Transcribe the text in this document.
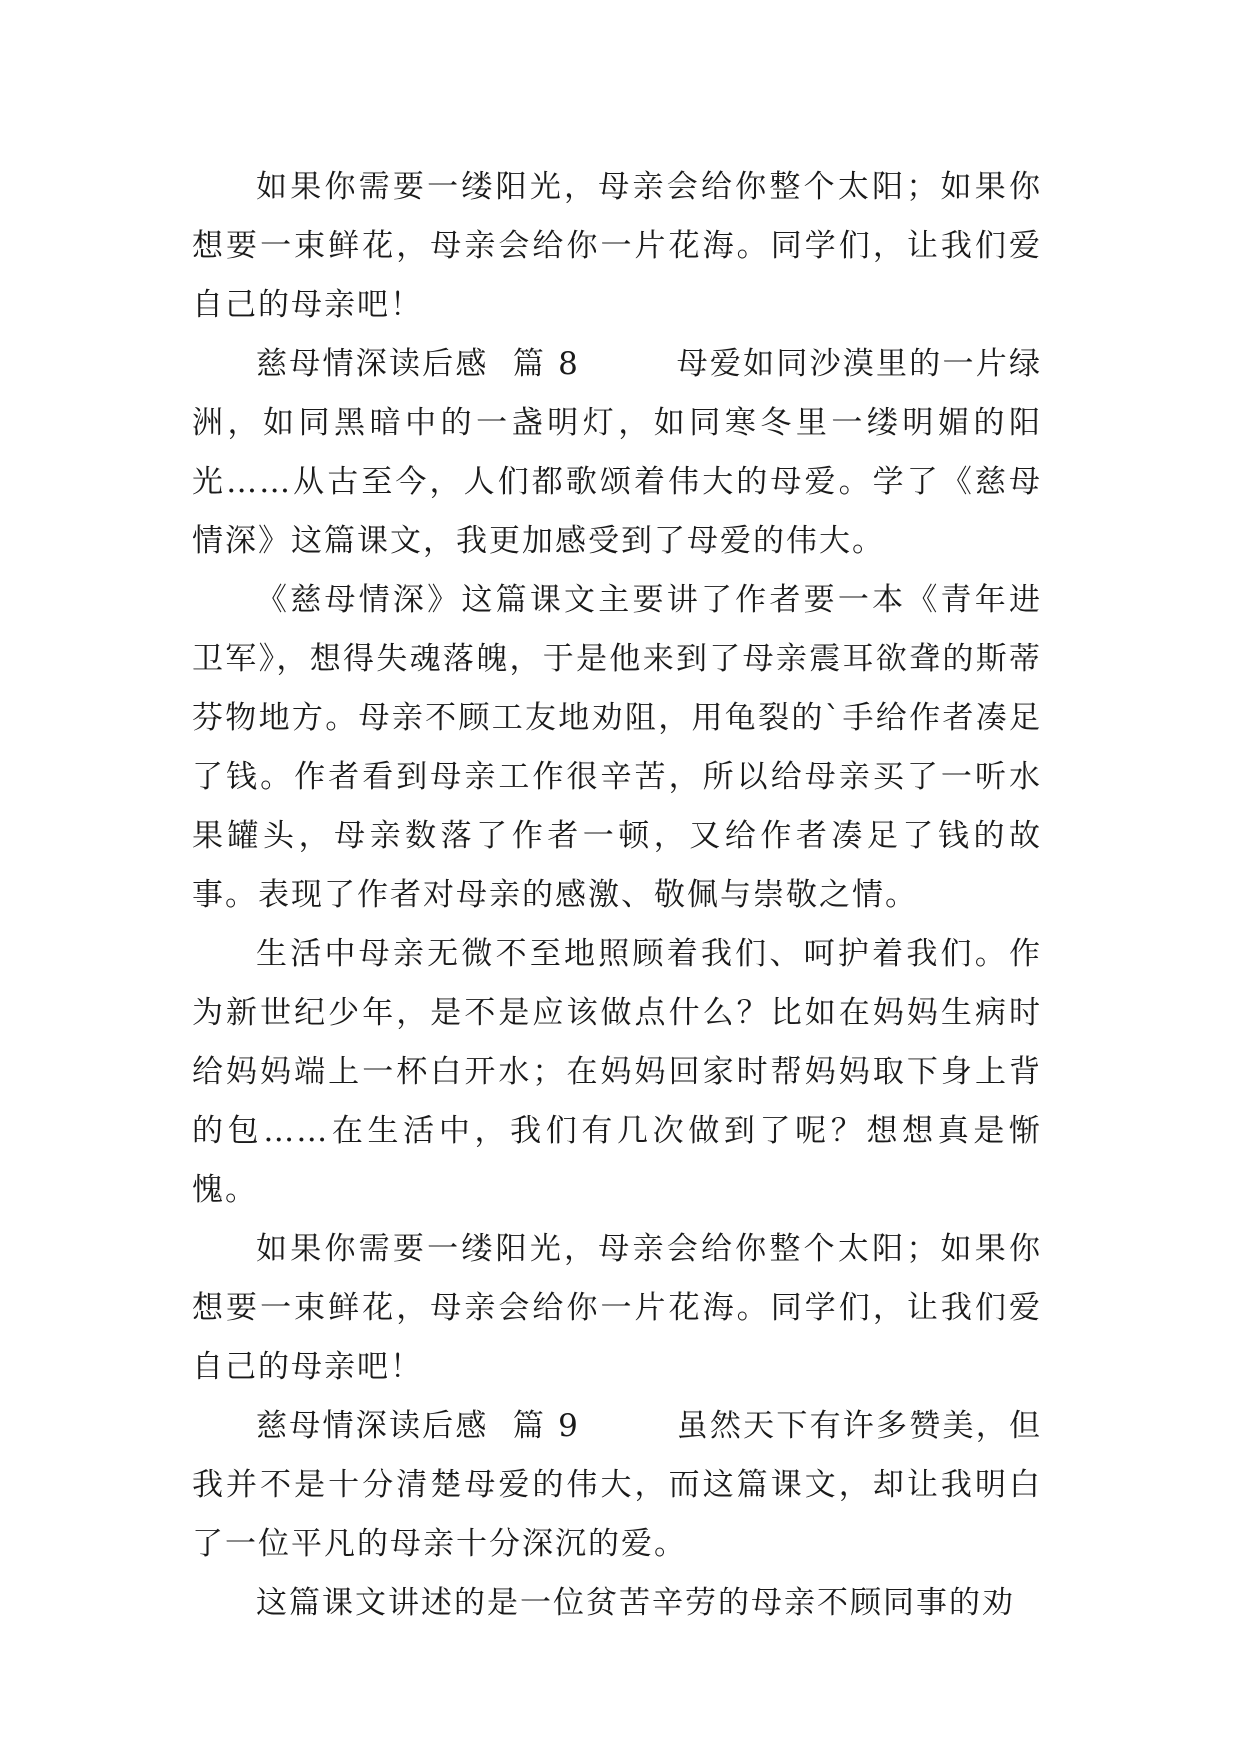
如果你需要一缕阳光，母亲会给你整个太阳；如果你想要一束鲜花，母亲会给你一片花海。同学们，让我们爱自己的母亲吧！

慈母情深读后感  篇 8        母爱如同沙漠里的一片绿洲，如同黑暗中的一盏明灯，如同寒冬里一缕明媚的阳光……从古至今，人们都歌颂着伟大的母爱。学了《慈母情深》这篇课文，我更加感受到了母爱的伟大。

《慈母情深》这篇课文主要讲了作者要一本《青年进卫军》，想得失魂落魄，于是他来到了母亲震耳欲聋的斯蒂芬物地方。母亲不顾工友地劝阻，用龟裂的`手给作者凑足了钱。作者看到母亲工作很辛苦，所以给母亲买了一听水果罐头，母亲数落了作者一顿，又给作者凑足了钱的故事。表现了作者对母亲的感激、敬佩与崇敬之情。

生活中母亲无微不至地照顾着我们、呵护着我们。作为新世纪少年，是不是应该做点什么？比如在妈妈生病时给妈妈端上一杯白开水；在妈妈回家时帮妈妈取下身上背的包……在生活中，我们有几次做到了呢？想想真是惭愧。

如果你需要一缕阳光，母亲会给你整个太阳；如果你想要一束鲜花，母亲会给你一片花海。同学们，让我们爱自己的母亲吧！

慈母情深读后感  篇 9        虽然天下有许多赞美，但我并不是十分清楚母爱的伟大，而这篇课文，却让我明白了一位平凡的母亲十分深沉的爱。

这篇课文讲述的是一位贫苦辛劳的母亲不顾同事的劝
